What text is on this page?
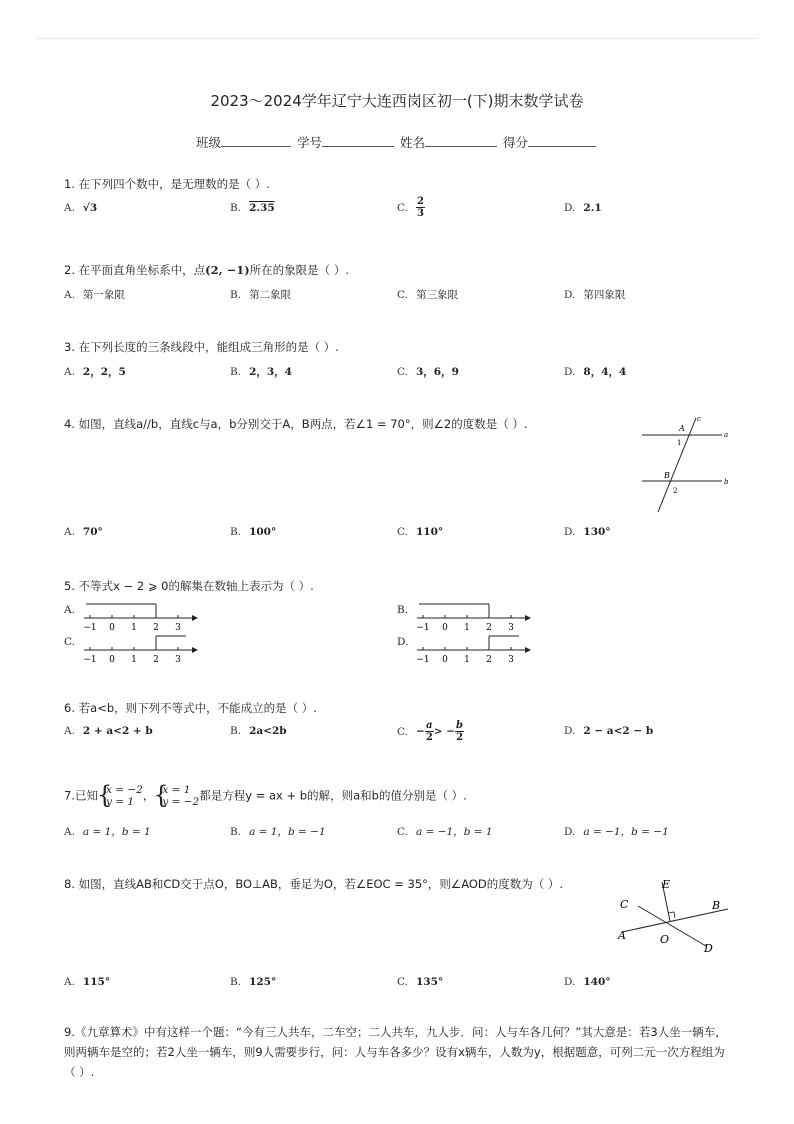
2023～2024学年辽宁大连西岗区初一(下)期末数学试卷
班级	学号	姓名	得分
1. 在下列四个数中，是无理数的是（ ）.
A. √3	B. 2.35	C. $\frac{2}{3}$	D. 2.1
2. 在平面直角坐标系中，点(2, −1)所在的象限是（ ）.
A. 第一象限	B. 第二象限	C. 第三象限	D. 第四象限
3. 在下列长度的三条线段中，能组成三角形的是（ ）.
A. 2，2，5	B. 2，3，4	C. 3，6，9	D. 8，4，4
4. 如图，直线a//b，直线c与a，b分别交于A，B两点，若∠1 = 70°，则∠2的度数是（ ）.	A
c
1
a
B
2
b
A. 70°	B. 100°	C. 110°	D. 130°
5. 不等式x − 2 ⩾ 0的解集在数轴上表示为（ ）.
A.
−1 0 1 2 3
B.
−1 0 1 2 3
C.
−1 0 1 2 3
D.
−1 0 1 2 3
6. 若a<b，则下列不等式中，不能成立的是（ ）.
A. 2 + a<2 + b	B. 2a<2b	C. − $\frac{a}{2}$ > − $\frac{b}{2}$	D. 2 − a<2 − b
7.已知 {
x = −2
y = 1 ， {
x = 1
y = −2 都是方程y = ax + b的解，则a和b的值分别是（ ）.
A. a = 1，b = 1	B. a = 1，b = −1	C. a = −1，b = 1	D. a = −1，b = −1
8. 如图，直线AB和CD交于点O，BO⊥AB，垂足为O，若∠EOC = 35°，则∠AOD的度数为（ ）.	E
C	B
A	O
D
A. 115°	B. 125°	C. 135°	D. 140°
9.《九章算术》中有这样一个题：“今有三人共车，二车空；二人共车，九人步．问：人与车各几何？”其大意是：若3人坐一辆车，则两辆车是空的；若2人坐一辆车，则9人需要步行，问：人与车各多少？设有x辆车，人数为y，根据题意，可列二元一次方程组为（ ）.
